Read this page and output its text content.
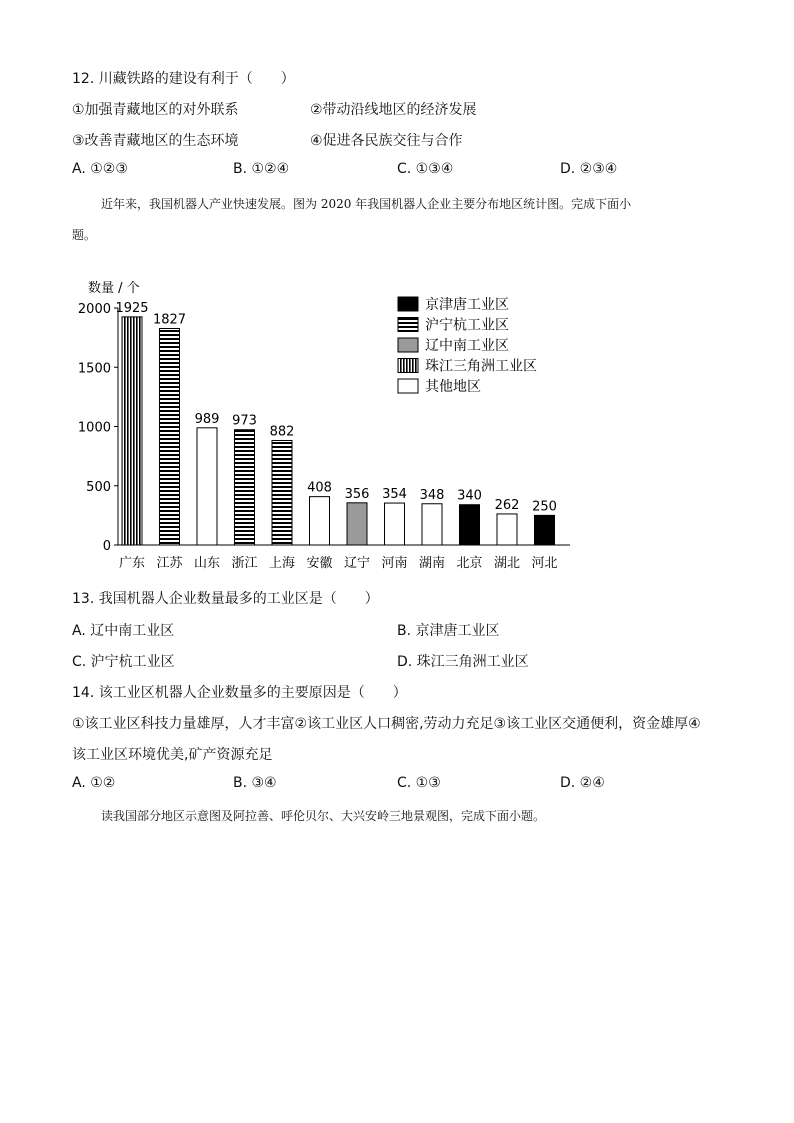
12. 川藏铁路的建设有利于（　　）
①加强青藏地区的对外联系	②带动沿线地区的经济发展
③改善青藏地区的生态环境	④促进各民族交往与合作
A. ①②③	B. ①②④	C. ①③④	D. ②③④
近年来，我国机器人产业快速发展。图为 2020 年我国机器人企业主要分布地区统计图。完成下面小
题。
数量 / 个
0
500
1000
1500
2000 1925
广东
1827
江苏
989
山东
973
浙江
882
上海
408
安徽
356
辽宁
354
河南
348
湖南
340
北京
262
湖北
250
河北
京津唐工业区
沪宁杭工业区
辽中南工业区
珠江三角洲工业区
其他地区
13. 我国机器人企业数量最多的工业区是（　　）
A. 辽中南工业区	B. 京津唐工业区
C. 沪宁杭工业区	D. 珠江三角洲工业区
14. 该工业区机器人企业数量多的主要原因是（　　）
①该工业区科技力量雄厚，人才丰富②该工业区人口稠密,劳动力充足③该工业区交通便利，资金雄厚④
该工业区环境优美,矿产资源充足
A. ①②	B. ③④	C. ①③	D. ②④
读我国部分地区示意图及阿拉善、呼伦贝尔、大兴安岭三地景观图，完成下面小题。
